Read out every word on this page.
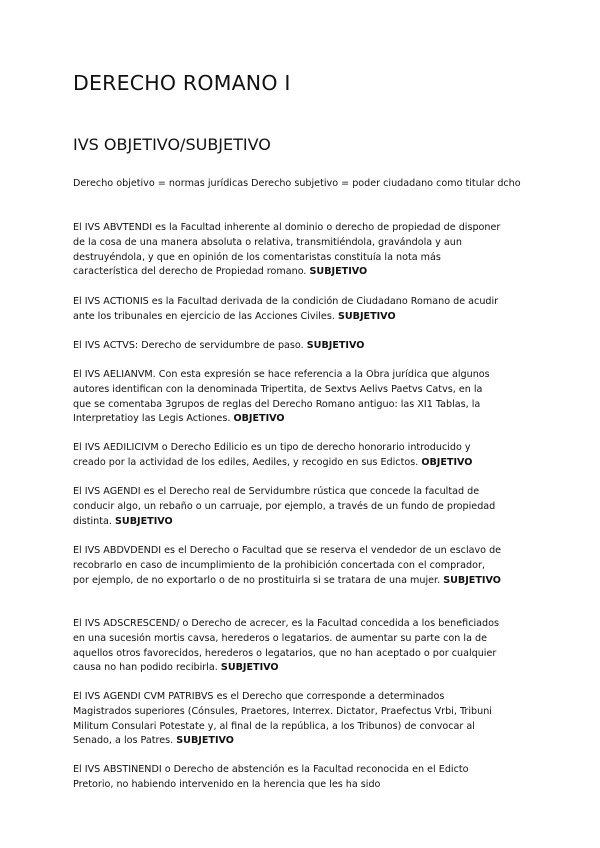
DERECHO ROMANO I
IVS OBJETIVO/SUBJETIVO

Derecho objetivo = normas jurídicas Derecho subjetivo = poder ciudadano como titular dcho

El IVS ABVTENDI es la Facultad inherente al dominio o derecho de propiedad de disponer de la cosa de una manera absoluta o relativa, transmitiéndola, gravándola y aun destruyéndola, y que en opinión de los comentaristas constituía la nota más característica del derecho de Propiedad romano. SUBJETIVO

El IVS ACTIONIS es la Facultad derivada de la condición de Ciudadano Romano de acudir ante los tribunales en ejercicio de las Acciones Civiles. SUBJETIVO

El IVS ACTVS: Derecho de servidumbre de paso. SUBJETIVO

El IVS AELIANVM. Con esta expresión se hace referencia a la Obra jurídica que algunos autores identifican con la denominada Tripertita, de Sextvs Aelivs Paetvs Catvs, en la que se comentaba 3grupos de reglas del Derecho Romano antiguo: las XI1 Tablas, la Interpretatioy las Legis Actiones. OBJETIVO

El IVS AEDILICIVM o Derecho Edilicio es un tipo de derecho honorario introducido y creado por la actividad de los ediles, Aediles, y recogido en sus Edictos. OBJETIVO

El IVS AGENDI es el Derecho real de Servidumbre rústica que concede la facultad de conducir algo, un rebaño o un carruaje, por ejemplo, a través de un fundo de propiedad distinta. SUBJETIVO

El IVS ABDVDENDI es el Derecho o Facultad que se reserva el vendedor de un esclavo de recobrarlo en caso de incumplimiento de la prohibición concertada con el comprador, por ejemplo, de no exportarlo o de no prostituirla si se tratara de una mujer. SUBJETIVO

El IVS ADSCRESCEND/ o Derecho de acrecer, es la Facultad concedida a los beneficiados en una sucesión mortis cavsa, herederos o legatarios. de aumentar su parte con la de aquellos otros favorecidos, herederos o legatarios, que no han aceptado o por cualquier causa no han podido recibirla. SUBJETIVO

El IVS AGENDI CVM PATRIBVS es el Derecho que corresponde a determinados Magistrados superiores (Cónsules, Praetores, Interrex. Dictator, Praefectus Vrbi, Tribuni Militum Consulari Potestate y, al final de la república, a los Tribunos) de convocar al Senado, a los Patres. SUBJETIVO

El IVS ABSTINENDI o Derecho de abstención es la Facultad reconocida en el Edicto Pretorio, no habiendo intervenido en la herencia que les ha sido
